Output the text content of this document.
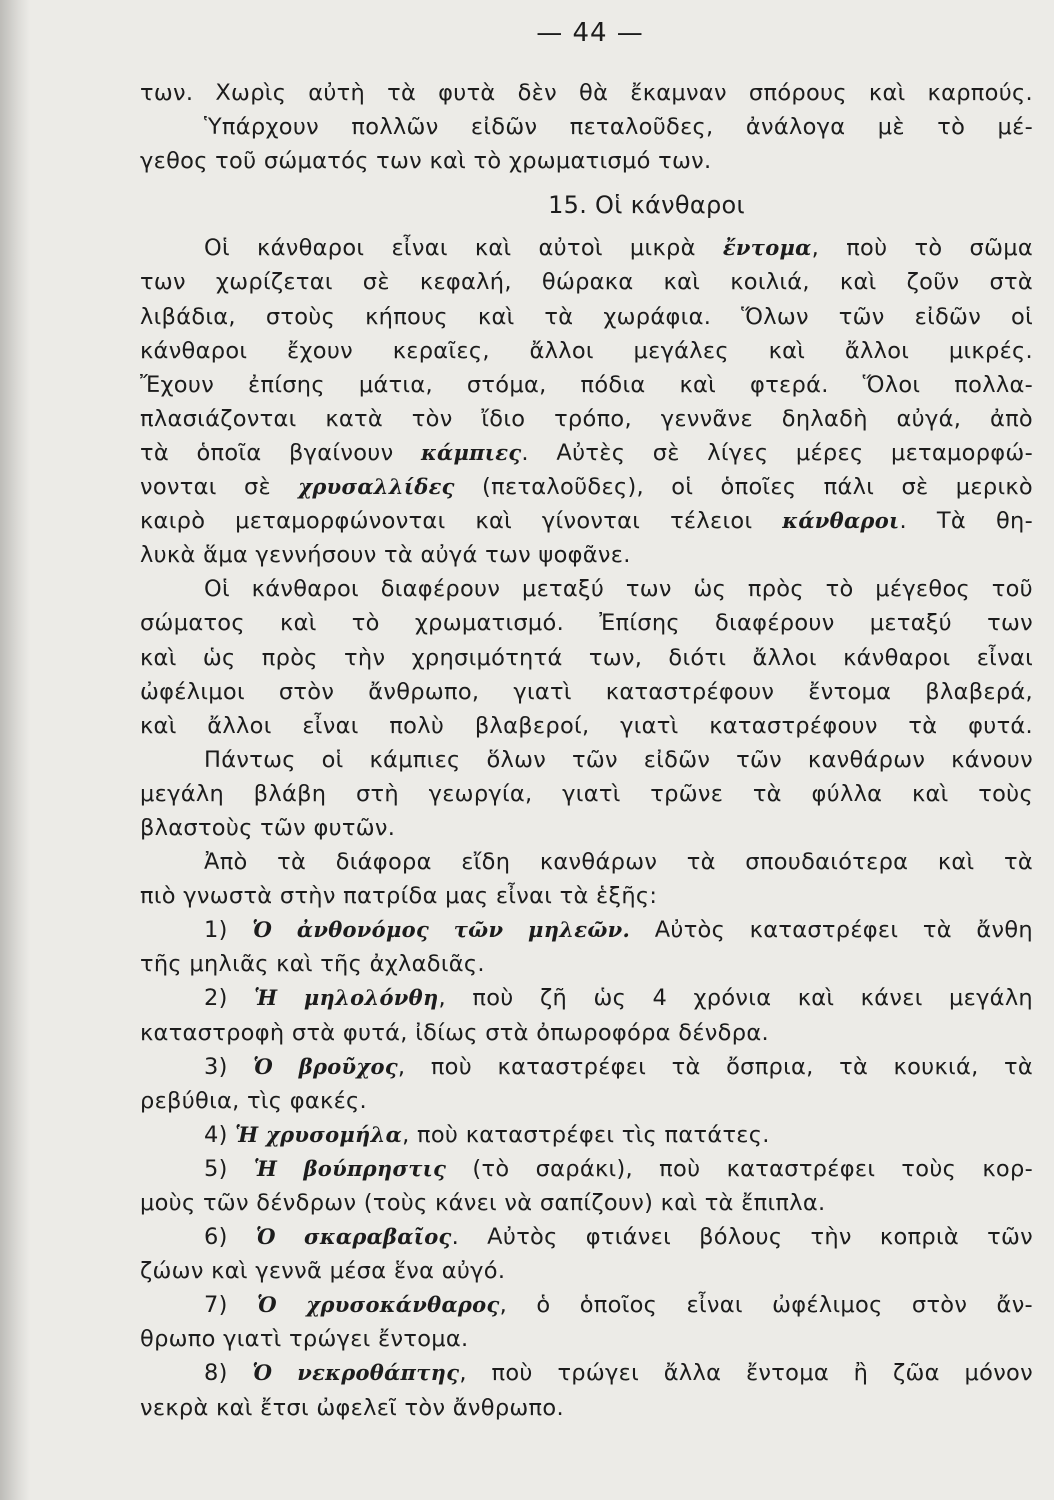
— 44 —
των. Χωρὶς αὐτὴ τὰ φυτὰ δὲν θὰ ἔκαμναν σπόρους καὶ καρπούς.
Ὑπάρχουν πολλῶν εἰδῶν πεταλοῦδες, ἀνάλογα μὲ τὸ μέ-
γεθος τοῦ σώματός των καὶ τὸ χρωματισμό των.
15. Οἱ κάνθαροι
Οἱ κάνθαροι εἶναι καὶ αὐτοὶ μικρὰ ἔντομα, ποὺ τὸ σῶμα
των χωρίζεται σὲ κεφαλή, θώρακα καὶ κοιλιά, καὶ ζοῦν στὰ
λιβάδια, στοὺς κήπους καὶ τὰ χωράφια. Ὅλων τῶν εἰδῶν οἱ
κάνθαροι ἔχουν κεραῖες, ἄλλοι μεγάλες καὶ ἄλλοι μικρές.
Ἔχουν ἐπίσης μάτια, στόμα, πόδια καὶ φτερά. Ὅλοι πολλα-
πλασιάζονται κατὰ τὸν ἴδιο τρόπο, γεννᾶνε δηλαδὴ αὐγά, ἀπὸ
τὰ ὁποῖα βγαίνουν κάμπιες. Αὐτὲς σὲ λίγες μέρες μεταμορφώ-
νονται σὲ χρυσαλλίδες (πεταλοῦδες), οἱ ὁποῖες πάλι σὲ μερικὸ
καιρὸ μεταμορφώνονται καὶ γίνονται τέλειοι κάνθαροι. Τὰ θη-
λυκὰ ἅμα γεννήσουν τὰ αὐγά των ψοφᾶνε.
Οἱ κάνθαροι διαφέρουν μεταξύ των ὡς πρὸς τὸ μέγεθος τοῦ
σώματος καὶ τὸ χρωματισμό. Ἐπίσης διαφέρουν μεταξύ των
καὶ ὡς πρὸς τὴν χρησιμότητά των, διότι ἄλλοι κάνθαροι εἶναι
ὠφέλιμοι στὸν ἄνθρωπο, γιατὶ καταστρέφουν ἔντομα βλαβερά,
καὶ ἄλλοι εἶναι πολὺ βλαβεροί, γιατὶ καταστρέφουν τὰ φυτά.
Πάντως οἱ κάμπιες ὅλων τῶν εἰδῶν τῶν κανθάρων κάνουν
μεγάλη βλάβη στὴ γεωργία, γιατὶ τρῶνε τὰ φύλλα καὶ τοὺς
βλαστοὺς τῶν φυτῶν.
Ἀπὸ τὰ διάφορα εἴδη κανθάρων τὰ σπουδαιότερα καὶ τὰ
πιὸ γνωστὰ στὴν πατρίδα μας εἶναι τὰ ἑξῆς:
1) Ὁ ἀνθονόμος τῶν μηλεῶν. Αὐτὸς καταστρέφει τὰ ἄνθη
τῆς μηλιᾶς καὶ τῆς ἀχλαδιᾶς.
2) Ἡ μηλολόνθη, ποὺ ζῆ ὡς 4 χρόνια καὶ κάνει μεγάλη
καταστροφὴ στὰ φυτά, ἰδίως στὰ ὀπωροφόρα δένδρα.
3) Ὁ βροῦχος, ποὺ καταστρέφει τὰ ὄσπρια, τὰ κουκιά, τὰ
ρεβύθια, τὶς φακές.
4) Ἡ χρυσομήλα, ποὺ καταστρέφει τὶς πατάτες.
5) Ἡ βούπρηστις (τὸ σαράκι), ποὺ καταστρέφει τοὺς κορ-
μοὺς τῶν δένδρων (τοὺς κάνει νὰ σαπίζουν) καὶ τὰ ἔπιπλα.
6) Ὁ σκαραβαῖος. Αὐτὸς φτιάνει βόλους τὴν κοπριὰ τῶν
ζώων καὶ γεννᾶ μέσα ἕνα αὐγό.
7) Ὁ χρυσοκάνθαρος, ὁ ὁποῖος εἶναι ὠφέλιμος στὸν ἄν-
θρωπο γιατὶ τρώγει ἔντομα.
8) Ὁ νεκροθάπτης, ποὺ τρώγει ἄλλα ἔντομα ἢ ζῶα μόνον
νεκρὰ καὶ ἔτσι ὠφελεῖ τὸν ἄνθρωπο.
